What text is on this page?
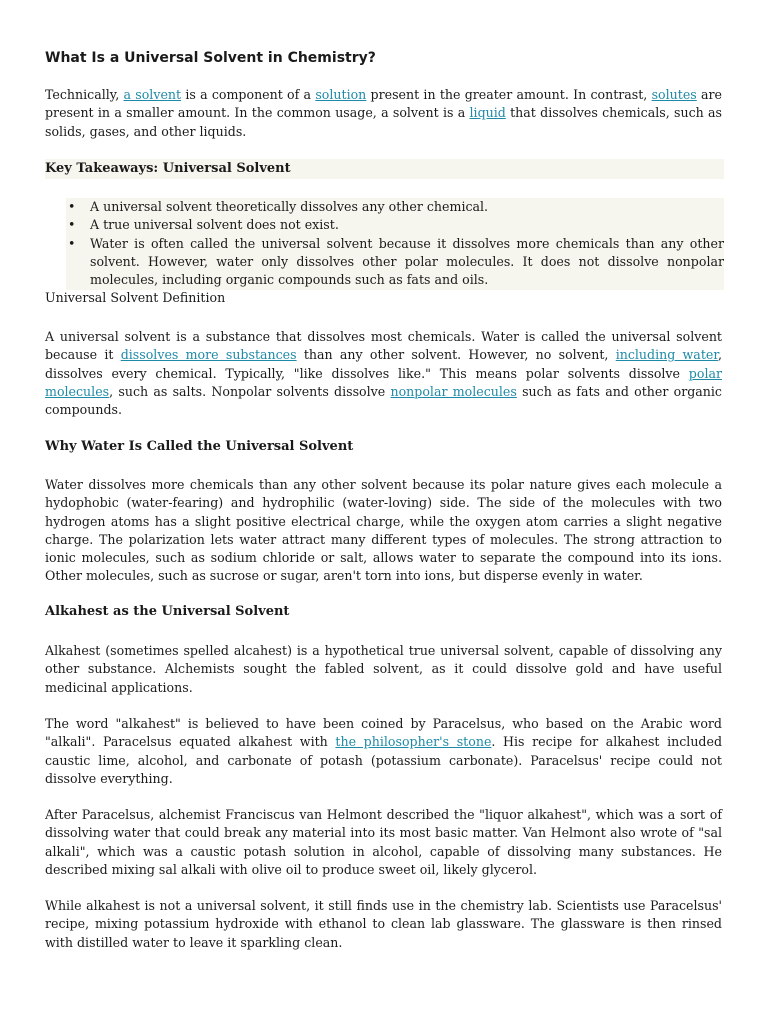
What Is a Universal Solvent in Chemistry?

Technically, a solvent is a component of a solution present in the greater amount. In contrast, solutes are present in a smaller amount. In the common usage, a solvent is a liquid that dissolves chemicals, such as solids, gases, and other liquids.

Key Takeaways: Universal Solvent
• A universal solvent theoretically dissolves any other chemical.
• A true universal solvent does not exist.
• Water is often called the universal solvent because it dissolves more chemicals than any other solvent. However, water only dissolves other polar molecules. It does not dissolve nonpolar molecules, including organic compounds such as fats and oils.

Universal Solvent Definition

A universal solvent is a substance that dissolves most chemicals. Water is called the universal solvent because it dissolves more substances than any other solvent. However, no solvent, including water, dissolves every chemical. Typically, "like dissolves like." This means polar solvents dissolve polar molecules, such as salts. Nonpolar solvents dissolve nonpolar molecules such as fats and other organic compounds.

Why Water Is Called the Universal Solvent

Water dissolves more chemicals than any other solvent because its polar nature gives each molecule a hydophobic (water-fearing) and hydrophilic (water-loving) side. The side of the molecules with two hydrogen atoms has a slight positive electrical charge, while the oxygen atom carries a slight negative charge. The polarization lets water attract many different types of molecules. The strong attraction to ionic molecules, such as sodium chloride or salt, allows water to separate the compound into its ions. Other molecules, such as sucrose or sugar, aren't torn into ions, but disperse evenly in water.

Alkahest as the Universal Solvent

Alkahest (sometimes spelled alcahest) is a hypothetical true universal solvent, capable of dissolving any other substance. Alchemists sought the fabled solvent, as it could dissolve gold and have useful medicinal applications.

The word "alkahest" is believed to have been coined by Paracelsus, who based on the Arabic word "alkali". Paracelsus equated alkahest with the philosopher's stone. His recipe for alkahest included caustic lime, alcohol, and carbonate of potash (potassium carbonate). Paracelsus' recipe could not dissolve everything.

After Paracelsus, alchemist Franciscus van Helmont described the "liquor alkahest", which was a sort of dissolving water that could break any material into its most basic matter. Van Helmont also wrote of "sal alkali", which was a caustic potash solution in alcohol, capable of dissolving many substances. He described mixing sal alkali with olive oil to produce sweet oil, likely glycerol.

While alkahest is not a universal solvent, it still finds use in the chemistry lab. Scientists use Paracelsus' recipe, mixing potassium hydroxide with ethanol to clean lab glassware. The glassware is then rinsed with distilled water to leave it sparkling clean.
